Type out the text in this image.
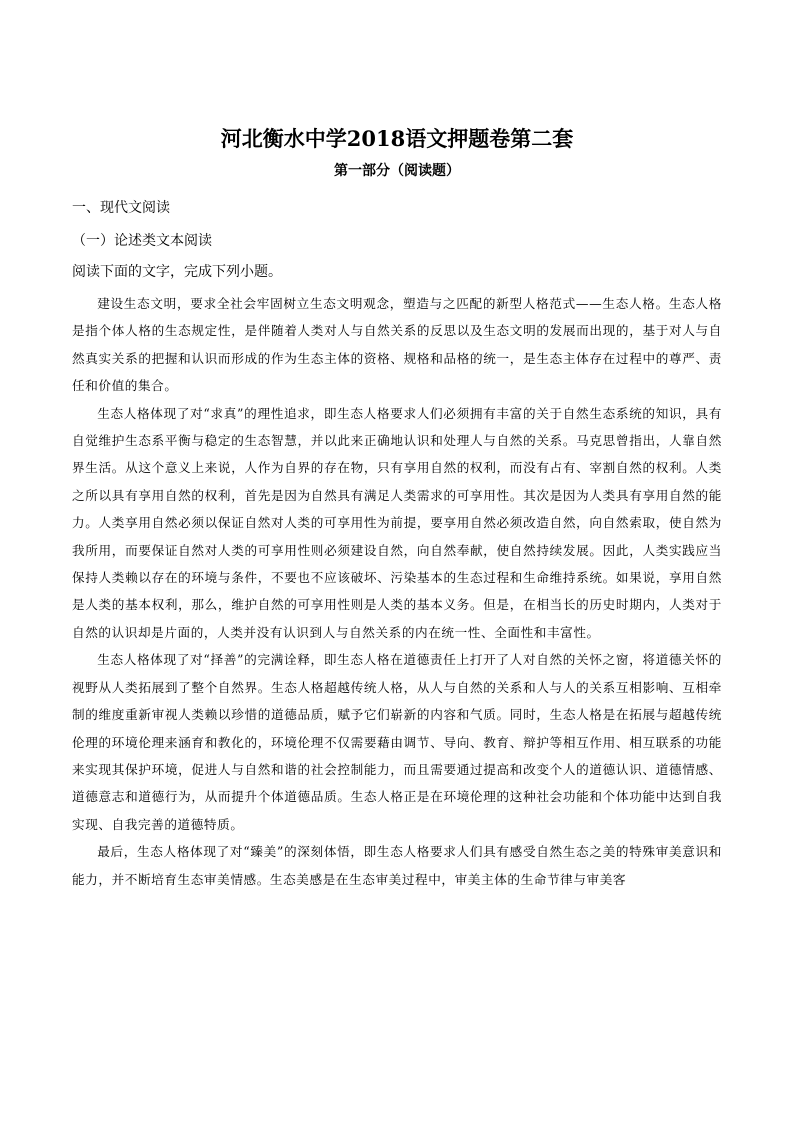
河北衡水中学2018语文押题卷第二套
第一部分（阅读题）
一、现代文阅读
（一）论述类文本阅读
阅读下面的文字，完成下列小题。

建设生态文明，要求全社会牢固树立生态文明观念，塑造与之匹配的新型人格范式——生态人格。生态人格是指个体人格的生态规定性，是伴随着人类对人与自然关系的反思以及生态文明的发展而出现的，基于对人与自然真实关系的把握和认识而形成的作为生态主体的资格、规格和品格的统一，是生态主体存在过程中的尊严、责任和价值的集合。

生态人格体现了对“求真”的理性追求，即生态人格要求人们必须拥有丰富的关于自然生态系统的知识，具有自觉维护生态系平衡与稳定的生态智慧，并以此来正确地认识和处理人与自然的关系。马克思曾指出，人靠自然界生活。从这个意义上来说，人作为自界的存在物，只有享用自然的权利，而没有占有、宰割自然的权利。人类之所以具有享用自然的权利，首先是因为自然具有满足人类需求的可享用性。其次是因为人类具有享用自然的能力。人类享用自然必须以保证自然对人类的可享用性为前提，要享用自然必须改造自然，向自然索取，使自然为我所用，而要保证自然对人类的可享用性则必须建设自然，向自然奉献，使自然持续发展。因此，人类实践应当保持人类赖以存在的环境与条件，不要也不应该破坏、污染基本的生态过程和生命维持系统。如果说，享用自然是人类的基本权利，那么，维护自然的可享用性则是人类的基本义务。但是，在相当长的历史时期内，人类对于自然的认识却是片面的，人类并没有认识到人与自然关系的内在统一性、全面性和丰富性。

生态人格体现了对“择善”的完满诠释，即生态人格在道德责任上打开了人对自然的关怀之窗，将道德关怀的视野从人类拓展到了整个自然界。生态人格超越传统人格，从人与自然的关系和人与人的关系互相影响、互相牵制的维度重新审视人类赖以珍惜的道德品质，赋予它们崭新的内容和气质。同时，生态人格是在拓展与超越传统伦理的环境伦理来涵育和教化的，环境伦理不仅需要藉由调节、导向、教育、辩护等相互作用、相互联系的功能来实现其保护环境，促进人与自然和谐的社会控制能力，而且需要通过提高和改变个人的道德认识、道德情感、道德意志和道德行为，从而提升个体道德品质。生态人格正是在环境伦理的这种社会功能和个体功能中达到自我实现、自我完善的道德特质。

最后，生态人格体现了对“臻美”的深刻体悟，即生态人格要求人们具有感受自然生态之美的特殊审美意识和能力，并不断培育生态审美情感。生态美感是在生态审美过程中，审美主体的生命节律与审美客
